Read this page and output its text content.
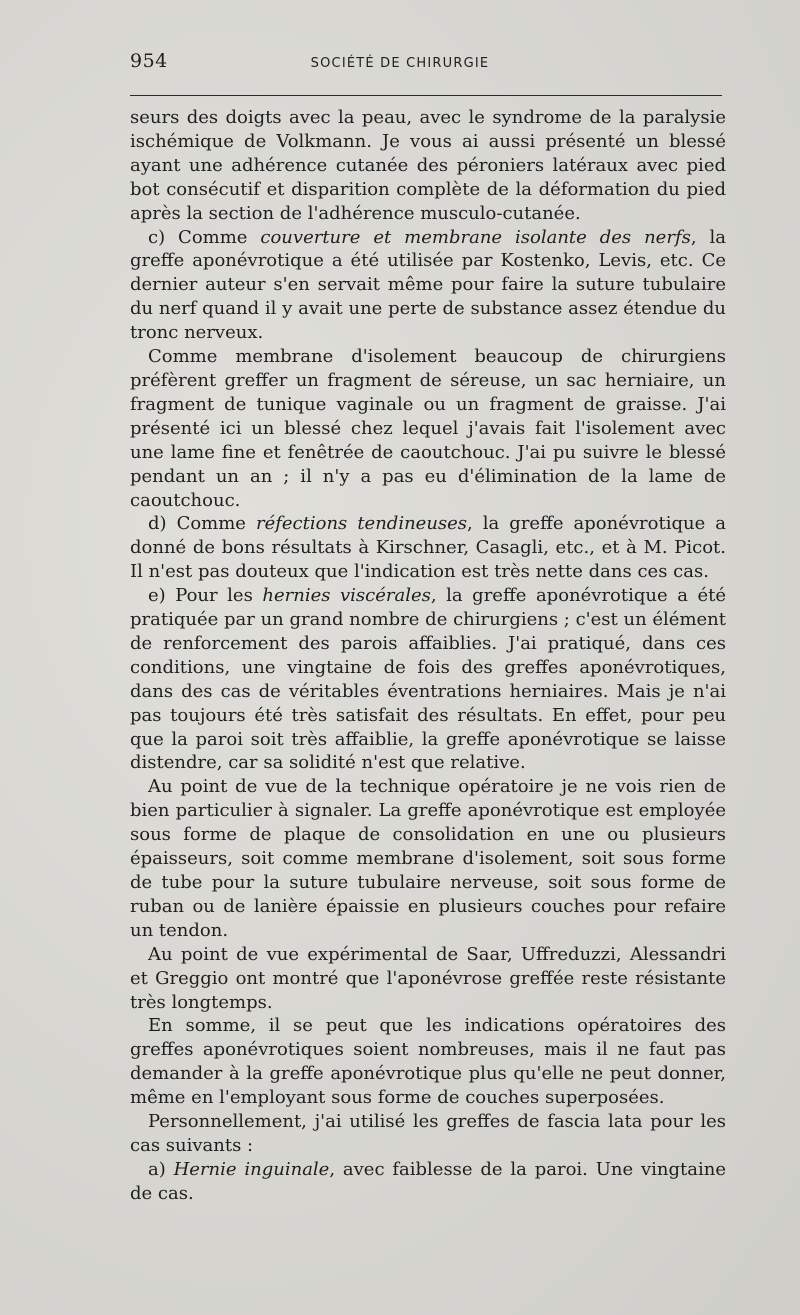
954	SOCIÉTÉ DE CHIRURGIE

seurs des doigts avec la peau, avec le syndrome de la paralysie ischémique de Volkmann. Je vous ai aussi présenté un blessé ayant une adhérence cutanée des péroniers latéraux avec pied bot consécutif et disparition complète de la déformation du pied après la section de l'adhérence musculo-cutanée.

c) Comme couverture et membrane isolante des nerfs, la greffe aponévrotique a été utilisée par Kostenko, Levis, etc. Ce dernier auteur s'en servait même pour faire la suture tubulaire du nerf quand il y avait une perte de substance assez étendue du tronc nerveux.

Comme membrane d'isolement beaucoup de chirurgiens préfèrent greffer un fragment de séreuse, un sac herniaire, un fragment de tunique vaginale ou un fragment de graisse. J'ai présenté ici un blessé chez lequel j'avais fait l'isolement avec une lame fine et fenêtrée de caoutchouc. J'ai pu suivre le blessé pendant un an ; il n'y a pas eu d'élimination de la lame de caoutchouc.

d) Comme réfections tendineuses, la greffe aponévrotique a donné de bons résultats à Kirschner, Casagli, etc., et à M. Picot. Il n'est pas douteux que l'indication est très nette dans ces cas.

e) Pour les hernies viscérales, la greffe aponévrotique a été pratiquée par un grand nombre de chirurgiens ; c'est un élément de renforcement des parois affaiblies. J'ai pratiqué, dans ces conditions, une vingtaine de fois des greffes aponévrotiques, dans des cas de véritables éventrations herniaires. Mais je n'ai pas toujours été très satisfait des résultats. En effet, pour peu que la paroi soit très affaiblie, la greffe aponévrotique se laisse distendre, car sa solidité n'est que relative.

Au point de vue de la technique opératoire je ne vois rien de bien particulier à signaler. La greffe aponévrotique est employée sous forme de plaque de consolidation en une ou plusieurs épaisseurs, soit comme membrane d'isolement, soit sous forme de tube pour la suture tubulaire nerveuse, soit sous forme de ruban ou de lanière épaissie en plusieurs couches pour refaire un tendon.

Au point de vue expérimental de Saar, Uffreduzzi, Alessandri et Greggio ont montré que l'aponévrose greffée reste résistante très longtemps.

En somme, il se peut que les indications opératoires des greffes aponévrotiques soient nombreuses, mais il ne faut pas demander à la greffe aponévrotique plus qu'elle ne peut donner, même en l'employant sous forme de couches superposées.

Personnellement, j'ai utilisé les greffes de fascia lata pour les cas suivants :

a) Hernie inguinale, avec faiblesse de la paroi. Une vingtaine de cas.
